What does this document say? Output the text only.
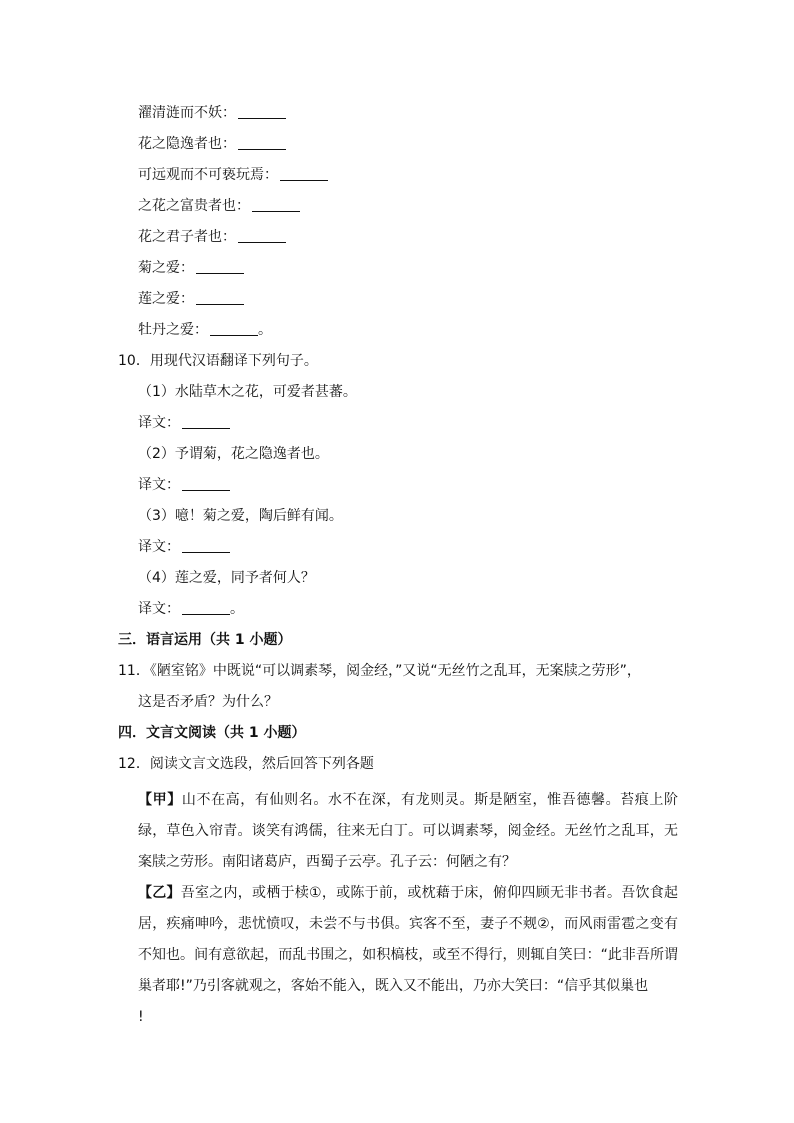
濯清涟而不妖：
花之隐逸者也：
可远观而不可亵玩焉：
之花之富贵者也：
花之君子者也：
菊之爱：
莲之爱：
牡丹之爱：	。
10．用现代汉语翻译下列句子。
（1）水陆草木之花，可爱者甚蕃。
译文：
（2）予谓菊，花之隐逸者也。
译文：
（3）噫！菊之爱，陶后鲜有闻。
译文：
（4）莲之爱，同予者何人？
译文：	。
三．语言运用（共 1 小题）
11．《陋室铭》中既说“可以调素琴，阅金经，”又说“无丝竹之乱耳，无案牍之劳形”，
这是否矛盾？为什么？
四．文言文阅读（共 1 小题）
12．阅读文言文选段，然后回答下列各题
【甲】山不在高，有仙则名。水不在深，有龙则灵。斯是陋室，惟吾德馨。苔痕上阶绿，草色入帘青。谈笑有鸿儒，往来无白丁。可以调素琴，阅金经。无丝竹之乱耳，无案牍之劳形。南阳诸葛庐，西蜀子云亭。孔子云：何陋之有？
【乙】吾室之内，或栖于椟①，或陈于前，或枕藉于床，俯仰四顾无非书者。吾饮食起居，疾痛呻吟，悲忧愤叹，未尝不与书俱。宾客不至，妻子不觌②，而风雨雷雹之变有不知也。间有意欲起，而乱书围之，如积槁枝，或至不得行，则辄自笑曰：“此非吾所谓巢者耶!”乃引客就观之，客始不能入，既入又不能出，乃亦大笑曰：“信乎其似巢也
!
